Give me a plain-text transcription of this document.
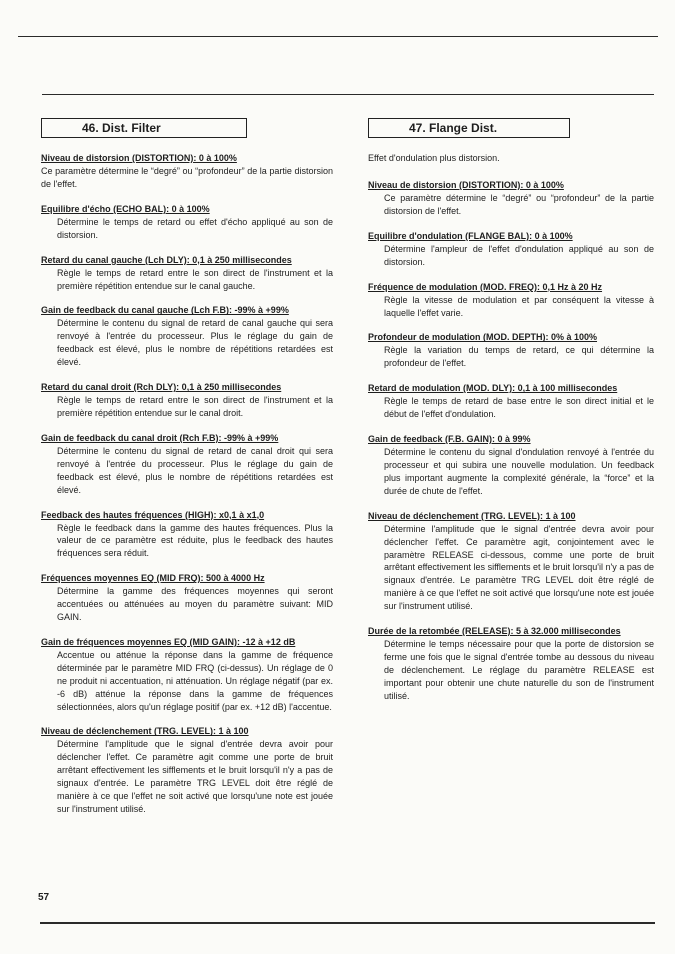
46. Dist. Filter
Niveau de distorsion (DISTORTION): 0 à 100%

Ce paramètre détermine le “degré” ou “profondeur” de la partie distorsion de l'effet.

Equilibre d'écho (ECHO BAL): 0 à 100%

Détermine le temps de retard ou effet d'écho appliqué au son de distorsion.

Retard du canal gauche (Lch DLY): 0,1 à 250 millisecondes

Règle le temps de retard entre le son direct de l'instrument et la première répétition entendue sur le canal gauche.

Gain de feedback du canal gauche (Lch F.B): -99% à +99%

Détermine le contenu du signal de retard de canal gauche qui sera renvoyé à l'entrée du processeur. Plus le réglage du gain de feedback est élevé, plus le nombre de répétitions retardées est élevé.

Retard du canal droit (Rch DLY): 0,1 à 250 millisecondes

Règle le temps de retard entre le son direct de l'instrument et la première répétition entendue sur le canal droit.

Gain de feedback du canal droit (Rch F.B): -99% à +99%

Détermine le contenu du signal de retard de canal droit qui sera renvoyé à l'entrée du processeur. Plus le réglage du gain de feedback est élevé, plus le nombre de répétitions retardées est élevé.

Feedback des hautes fréquences (HIGH): x0,1 à x1,0

Règle le feedback dans la gamme des hautes fréquences. Plus la valeur de ce paramètre est réduite, plus le feedback des hautes fréquences sera réduit.

Fréquences moyennes EQ (MID FRQ): 500 à 4000 Hz

Détermine la gamme des fréquences moyennes qui seront accentuées ou atténuées au moyen du paramètre suivant: MID GAIN.

Gain de fréquences moyennes EQ (MID GAIN): -12 à +12 dB

Accentue ou atténue la réponse dans la gamme de fréquence déterminée par le paramètre MID FRQ (ci-dessus). Un réglage de 0 ne produit ni accentuation, ni atténuation. Un réglage négatif (par ex. -6 dB) atténue la réponse dans la gamme de fréquences sélectionnées, alors qu'un réglage positif (par ex. +12 dB) l'accentue.

Niveau de déclenchement (TRG. LEVEL): 1 à 100

Détermine l'amplitude que le signal d'entrée devra avoir pour déclencher l'effet. Ce paramètre agit comme une porte de bruit arrêtant effectivement les sifflements et le bruit lorsqu'il n'y a pas de signaux d'entrée. Le paramètre TRG LEVEL doit être réglé de manière à ce que l'effet ne soit activé que lorsqu'une note est jouée sur l'instrument utilisé.

47. Flange Dist.

Effet d'ondulation plus distorsion.

Niveau de distorsion (DISTORTION): 0 à 100%

Ce paramètre détermine le “degré” ou “profondeur” de la partie distorsion de l'effet.

Equilibre d'ondulation (FLANGE BAL): 0 à 100%

Détermine l'ampleur de l'effet d'ondulation appliqué au son de distorsion.

Fréquence de modulation (MOD. FREQ): 0,1 Hz à 20 Hz

Règle la vitesse de modulation et par conséquent la vitesse à laquelle l'effet varie.

Profondeur de modulation (MOD. DEPTH): 0% à 100%

Règle la variation du temps de retard, ce qui détermine la profondeur de l'effet.

Retard de modulation (MOD. DLY): 0,1 à 100 millisecondes

Règle le temps de retard de base entre le son direct initial et le début de l'effet d'ondulation.

Gain de feedback (F.B. GAIN): 0 à 99%

Détermine le contenu du signal d'ondulation renvoyé à l'entrée du processeur et qui subira une nouvelle modulation. Un feedback plus important augmente la complexité générale, la “force” et la durée de chute de l'effet.

Niveau de déclenchement (TRG. LEVEL): 1 à 100

Détermine l'amplitude que le signal d'entrée devra avoir pour déclencher l'effet. Ce paramètre agit, conjointement avec le paramètre RELEASE ci-dessous, comme une porte de bruit arrêtant effectivement les sifflements et le bruit lorsqu'il n'y a pas de signaux d'entrée. Le paramètre TRG LEVEL doit être réglé de manière à ce que l'effet ne soit activé que lorsqu'une note est jouée sur l'instrument utilisé.

Durée de la retombée (RELEASE): 5 à 32.000 millisecondes

Détermine le temps nécessaire pour que la porte de distorsion se ferme une fois que le signal d'entrée tombe au dessous du niveau de déclenchement. Le réglage du paramètre RELEASE est important pour obtenir une chute naturelle du son de l'instrument utilisé.

57
